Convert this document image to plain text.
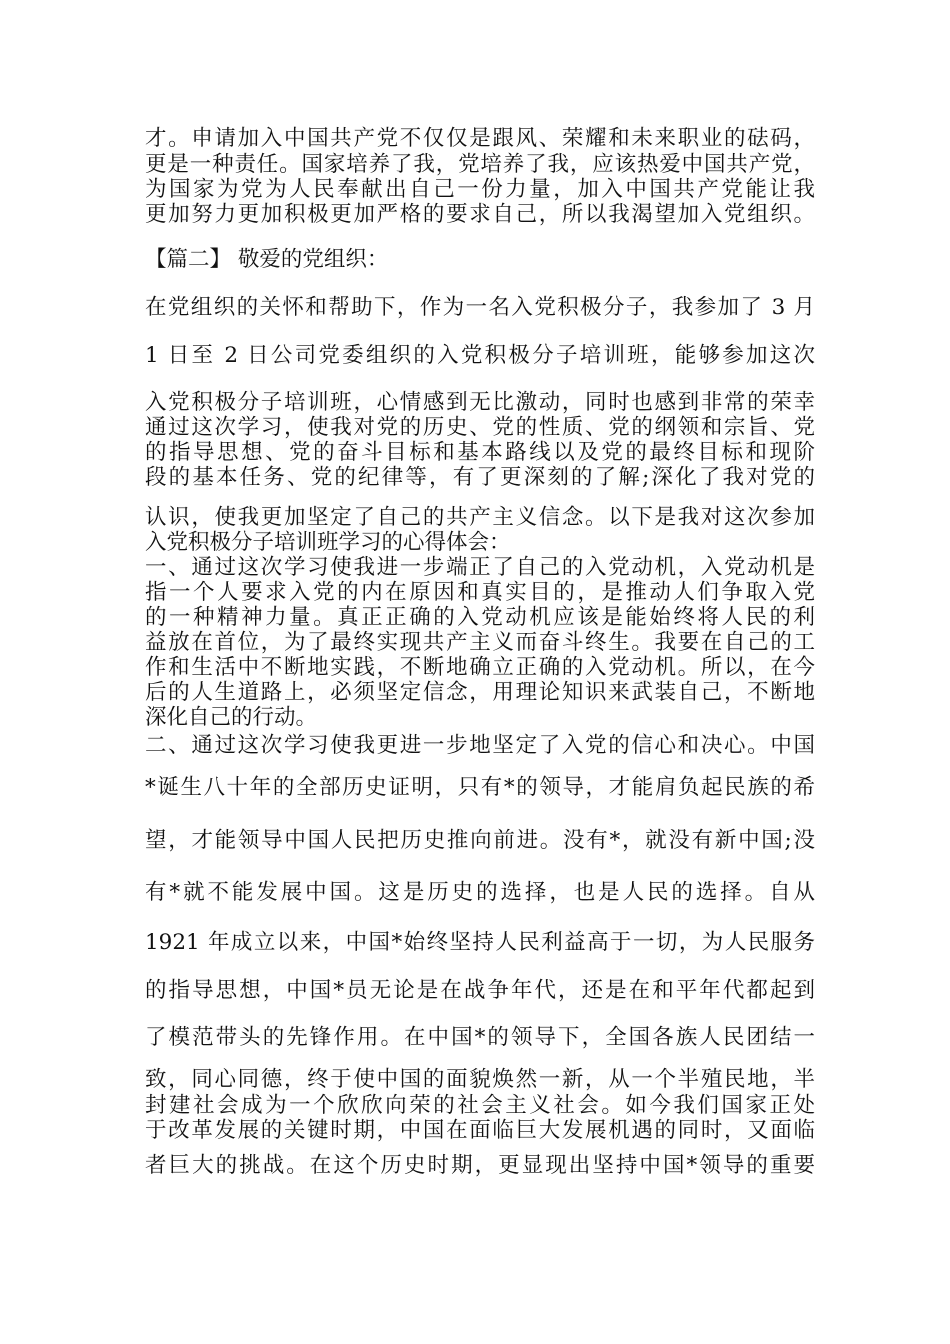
才。申请加入中国共产党不仅仅是跟风、荣耀和未来职业的砝码，
更是一种责任。国家培养了我，党培养了我，应该热爱中国共产党，
为国家为党为人民奉献出自己一份力量，加入中国共产党能让我
更加努力更加积极更加严格的要求自己，所以我渴望加入党组织。
【篇二】 敬爱的党组织：
在党组织的关怀和帮助下，作为一名入党积极分子，我参加了 3 月
1 日至 2 日公司党委组织的入党积极分子培训班，能够参加这次
入党积极分子培训班，心情感到无比激动，同时也感到非常的荣幸
通过这次学习，使我对党的历史、党的性质、党的纲领和宗旨、党
的指导思想、党的奋斗目标和基本路线以及党的最终目标和现阶
段的基本任务、党的纪律等，有了更深刻的了解;深化了我对党的
认识，使我更加坚定了自己的共产主义信念。以下是我对这次参加
入党积极分子培训班学习的心得体会：
一、通过这次学习使我进一步端正了自己的入党动机，入党动机是
指一个人要求入党的内在原因和真实目的，是推动人们争取入党
的一种精神力量。真正正确的入党动机应该是能始终将人民的利
益放在首位，为了最终实现共产主义而奋斗终生。我要在自己的工
作和生活中不断地实践，不断地确立正确的入党动机。所以，在今
后的人生道路上，必须坚定信念，用理论知识来武装自己，不断地
深化自己的行动。
二、通过这次学习使我更进一步地坚定了入党的信心和决心。中国
*诞生八十年的全部历史证明，只有*的领导，才能肩负起民族的希
望，才能领导中国人民把历史推向前进。没有*，就没有新中国;没
有*就不能发展中国。这是历史的选择，也是人民的选择。自从
1921 年成立以来，中国*始终坚持人民利益高于一切，为人民服务
的指导思想，中国*员无论是在战争年代，还是在和平年代都起到
了模范带头的先锋作用。在中国*的领导下，全国各族人民团结一
致，同心同德，终于使中国的面貌焕然一新，从一个半殖民地，半
封建社会成为一个欣欣向荣的社会主义社会。如今我们国家正处
于改革发展的关键时期，中国在面临巨大发展机遇的同时，又面临
者巨大的挑战。在这个历史时期，更显现出坚持中国*领导的重要
